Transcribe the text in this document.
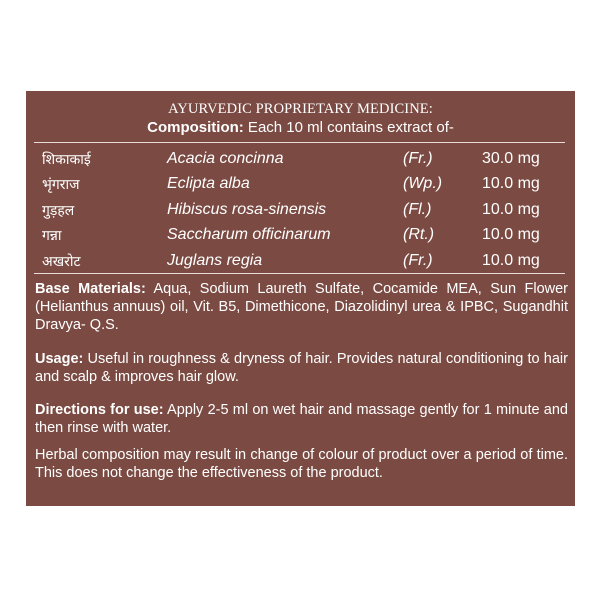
AYURVEDIC PROPRIETARY MEDICINE:
Composition: Each 10 ml contains extract of-
शिकाकाई	Acacia concinna	(Fr.)	30.0 mg
भृंगराज	Eclipta alba	(Wp.) 10.0 mg
गुड़हल	Hibiscus rosa-sinensis	(Fl.)	10.0 mg
गन्ना	Saccharum officinarum	(Rt.)	10.0 mg
अखरोट	Juglans regia	(Fr.)	10.0 mg
Base Materials: Aqua, Sodium Laureth Sulfate, Cocamide MEA, Sun Flower (Helianthus annuus) oil, Vit. B5, Dimethicone, Diazolidinyl urea & IPBC, Sugandhit Dravya- Q.S.
Usage: Useful in roughness & dryness of hair. Provides natural conditioning to hair and scalp & improves hair glow.
Directions for use: Apply 2-5 ml on wet hair and massage gently for 1 minute and then rinse with water.
Herbal composition may result in change of colour of product over a period of time. This does not change the effectiveness of the product.
